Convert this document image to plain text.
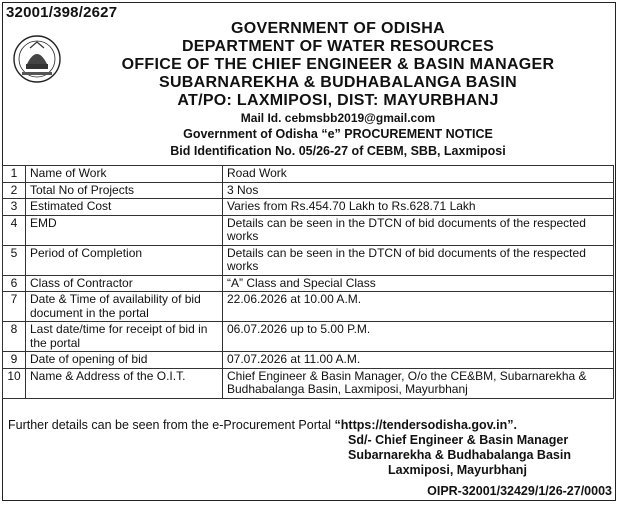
32001/398/2627
GOVERNMENT OF ODISHA
DEPARTMENT OF WATER RESOURCES
OFFICE OF THE CHIEF ENGINEER & BASIN MANAGER
SUBARNAREKHA & BUDHABALANGA BASIN
AT/PO: LAXMIPOSI, DIST: MAYURBHANJ
Mail Id. cebmsbb2019@gmail.com
Government of Odisha “e” PROCUREMENT NOTICE
Bid Identification No. 05/26-27 of CEBM, SBB, Laxmiposi
1	Name of Work	Road Work
2	Total No of Projects	3 Nos
3	Estimated Cost	Varies from Rs.454.70 Lakh to Rs.628.71 Lakh
4	EMD	Details can be seen in the DTCN of bid documents of the respected works
5	Period of Completion	Details can be seen in the DTCN of bid documents of the respected works
6	Class of Contractor	“A” Class and Special Class
7	Date & Time of availability of bid document in the portal	22.06.2026 at 10.00 A.M.
8	Last date/time for receipt of bid in the portal	06.07.2026 up to 5.00 P.M.
9	Date of opening of bid	07.07.2026 at 11.00 A.M.
10	Name & Address of the O.I.T.	Chief Engineer & Basin Manager, O/o the CE&BM, Subarnarekha & Budhabalanga Basin, Laxmiposi, Mayurbhanj
Further details can be seen from the e-Procurement Portal “https://tendersodisha.gov.in”.
Sd/- Chief Engineer & Basin Manager
Subarnarekha & Budhabalanga Basin

Laxmiposi, Mayurbhanj
OIPR-32001/32429/1/26-27/0003
